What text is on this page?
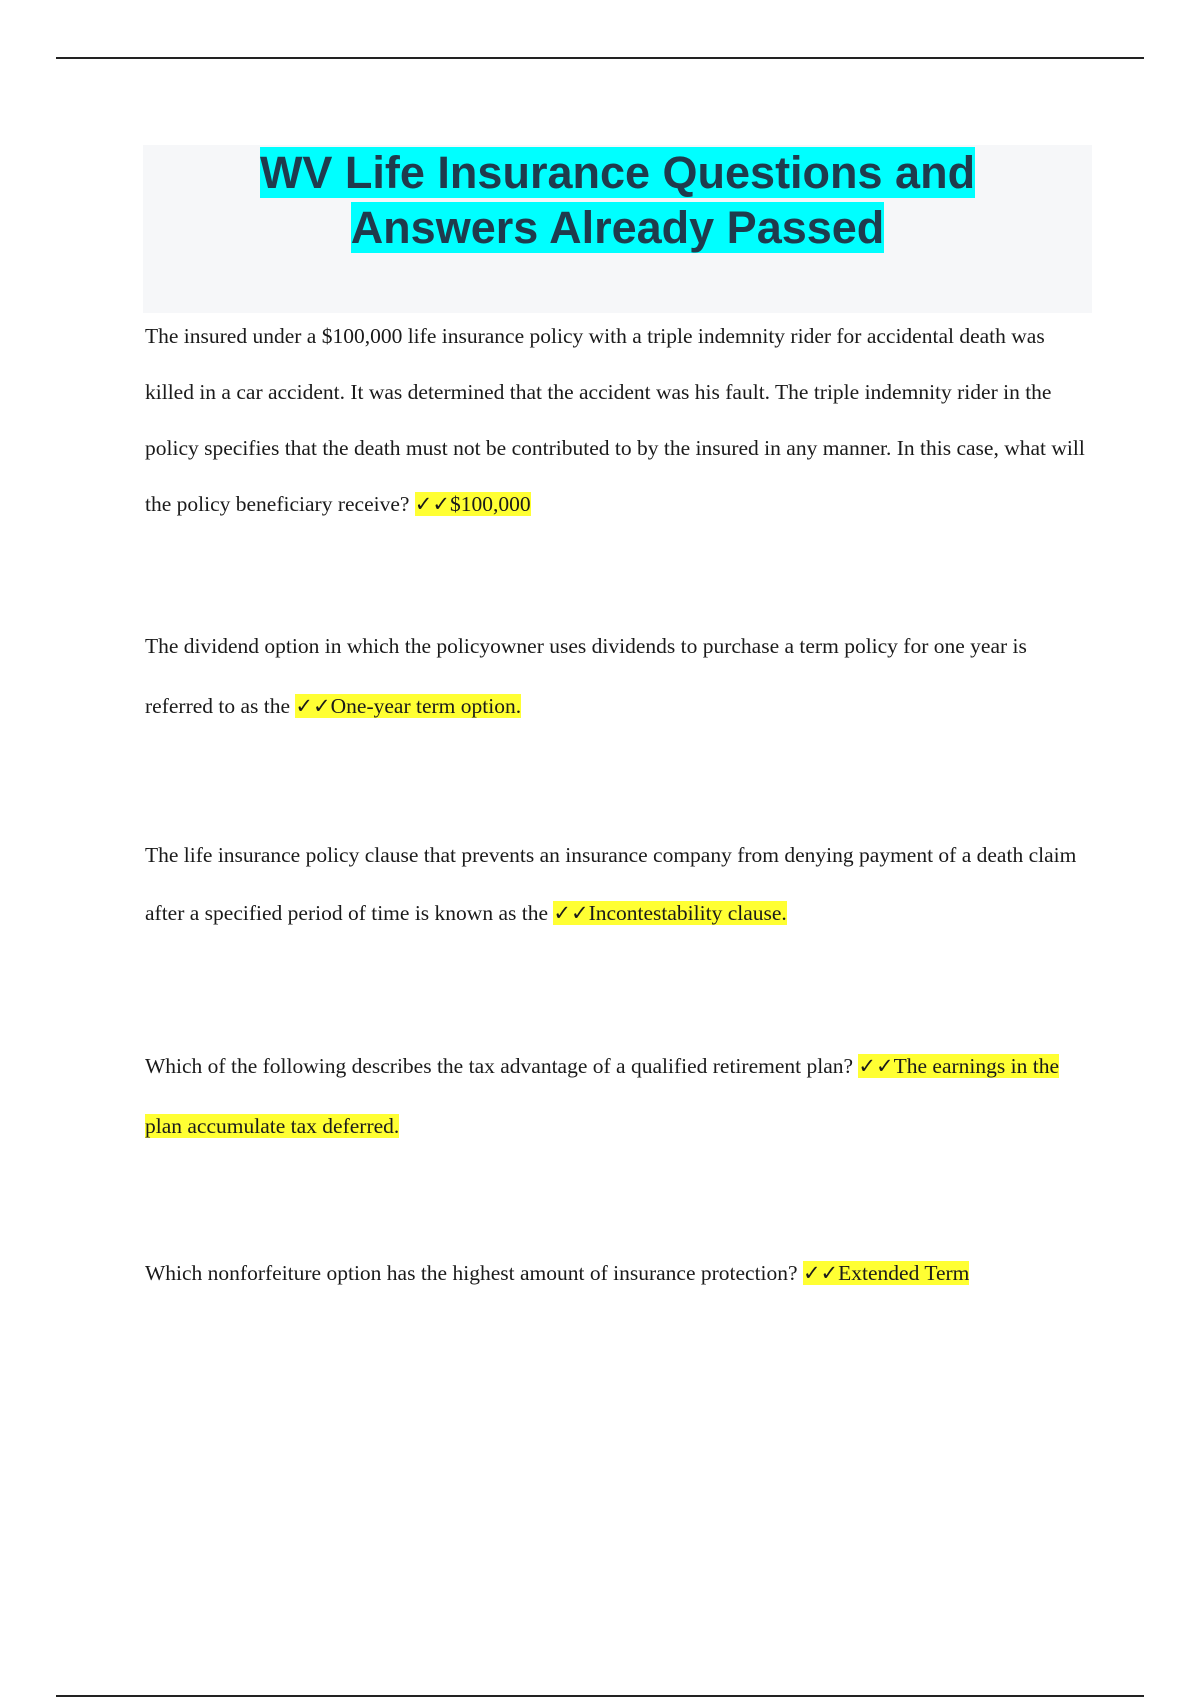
WV Life Insurance Questions and
Answers Already Passed

The insured under a $100,000 life insurance policy with a triple indemnity rider for accidental death was killed in a car accident. It was determined that the accident was his fault. The triple indemnity rider in the policy specifies that the death must not be contributed to by the insured in any manner. In this case, what will the policy beneficiary receive? ✓✓$100,000

The dividend option in which the policyowner uses dividends to purchase a term policy for one year is referred to as the ✓✓One-year term option.

The life insurance policy clause that prevents an insurance company from denying payment of a death claim after a specified period of time is known as the ✓✓Incontestability clause.

Which of the following describes the tax advantage of a qualified retirement plan? ✓✓The earnings in the plan accumulate tax deferred.

Which nonforfeiture option has the highest amount of insurance protection? ✓✓Extended Term
